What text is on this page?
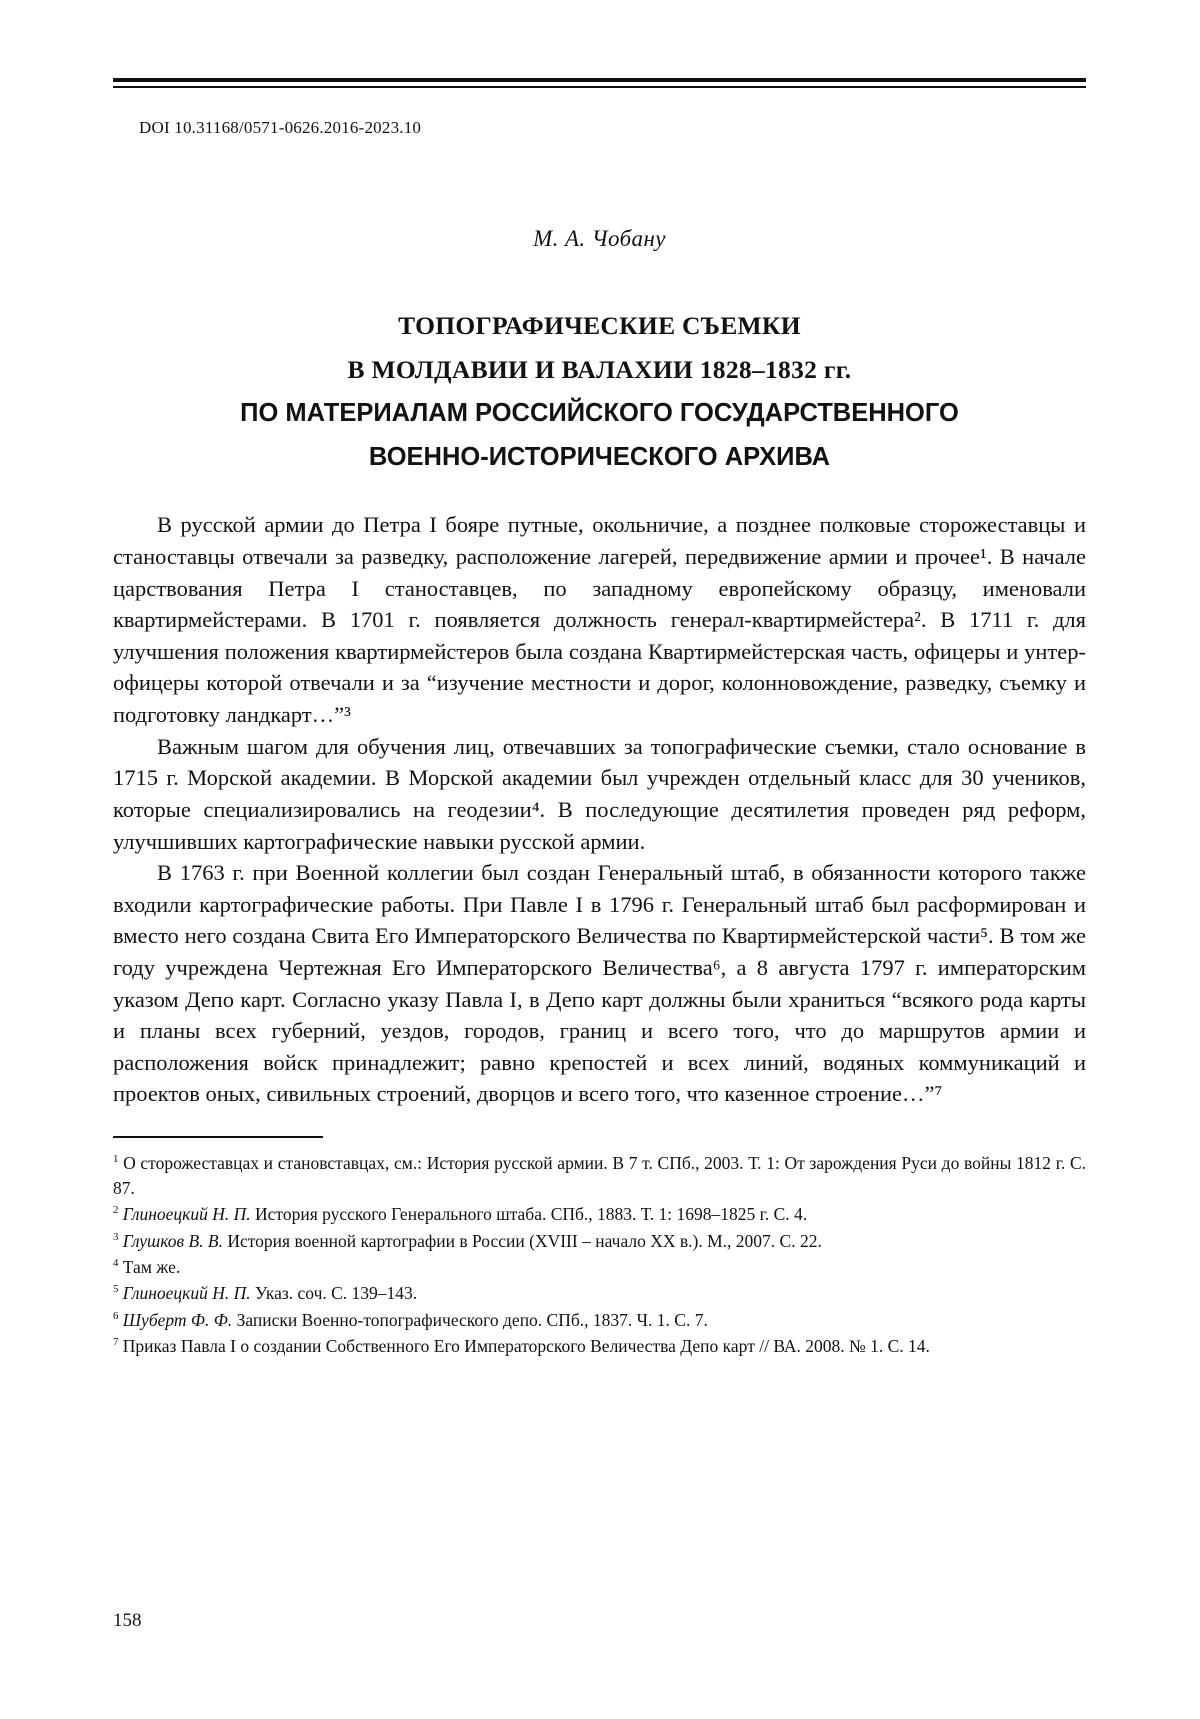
DOI 10.31168/0571-0626.2016-2023.10
М. А. Чобану
ТОПОГРАФИЧЕСКИЕ СЪЕМКИ
В МОЛДАВИИ И ВАЛАХИИ 1828–1832 гг.
ПО МАТЕРИАЛАМ РОССИЙСКОГО ГОСУДАРСТВЕННОГО
ВОЕННО-ИСТОРИЧЕСКОГО АРХИВА

В русской армии до Петра I бояре путные, окольничие, а позднее полковые сторожеставцы и станоставцы отвечали за разведку, расположение лагерей, передвижение армии и прочее¹. В начале царствования Петра I станоставцев, по западному европейскому образцу, именовали квартирмейстерами. В 1701 г. появляется должность генерал-квартирмейстера². В 1711 г. для улучшения положения квартирмейстеров была создана Квартирмейстерская часть, офицеры и унтер-офицеры которой отвечали и за “изучение местности и дорог, колонновождение, разведку, съемку и подготовку ландкарт…”³

Важным шагом для обучения лиц, отвечавших за топографические съемки, стало основание в 1715 г. Морской академии. В Морской академии был учрежден отдельный класс для 30 учеников, которые специализировались на геодезии⁴. В последующие десятилетия проведен ряд реформ, улучшивших картографические навыки русской армии.

В 1763 г. при Военной коллегии был создан Генеральный штаб, в обязанности которого также входили картографические работы. При Павле I в 1796 г. Генеральный штаб был расформирован и вместо него создана Свита Его Императорского Величества по Квартирмейстерской части⁵. В том же году учреждена Чертежная Его Императорского Величества⁶, а 8 августа 1797 г. императорским указом Депо карт. Согласно указу Павла I, в Депо карт должны были храниться “всякого рода карты и планы всех губерний, уездов, городов, границ и всего того, что до маршрутов армии и расположения войск принадлежит; равно крепостей и всех линий, водяных коммуникаций и проектов оных, сивильных строений, дворцов и всего того, что казенное строение…”⁷

$^1$ О сторожеставцах и становставцах, см.: История русской армии. В 7 т. СПб., 2003. Т. 1: От зарождения Руси до войны 1812 г. С. 87.

$^2$ Глиноецкий Н. П. История русского Генерального штаба. СПб., 1883. Т. 1: 1698–1825 г. С. 4.

$^3$ Глушков В. В. История военной картографии в России (XVIII – начало XX в.). М., 2007. С. 22.

$^4$ Там же.

$^5$ Глиноецкий Н. П. Указ. соч. С. 139–143.

$^6$ Шуберт Ф. Ф. Записки Военно-топографического депо. СПб., 1837. Ч. 1. С. 7.

$^7$ Приказ Павла I о создании Собственного Его Императорского Величества Депо карт // ВА. 2008. № 1. С. 14.

158
